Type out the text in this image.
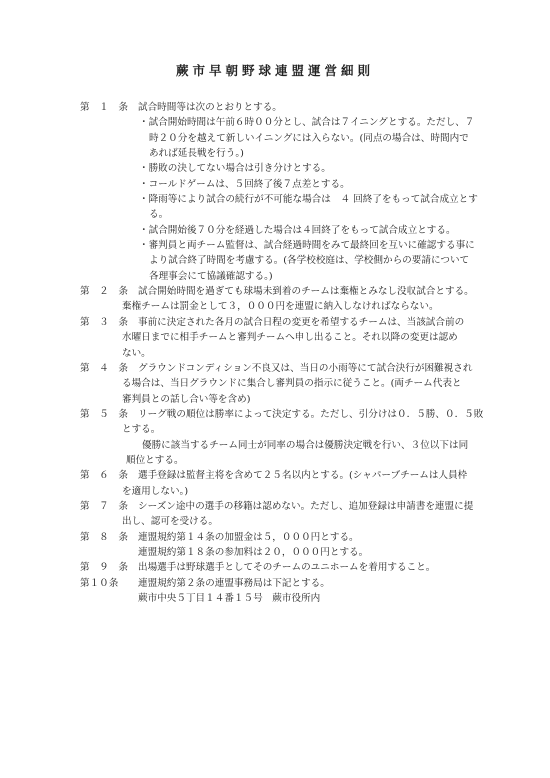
蕨市早朝野球連盟運営細則
第　１　条 試合時間等は次のとおりとする。
・試合開始時間は午前６時００分とし、試合は７イニングとする。ただし、７
時２０分を越えて新しいイニングには入らない。(同点の場合は、時間内で
あれば延長戦を行う。)
・勝敗の決してない場合は引き分けとする。
・コールドゲームは、５回終了後７点差とする。
・降雨等により試合の続行が不可能な場合は　４ 回終了をもって試合成立とす
る。
・試合開始後７０分を経過した場合は４回終了をもって試合成立とする。
・審判員と両チーム監督は、試合経過時間をみて最終回を互いに確認する事に
より試合終了時間を考慮する。(各学校校庭は、学校側からの要請について
各理事会にて協議確認する。)
第　２　条 試合開始時間を過ぎても球場未到着のチームは棄権とみなし没収試合とする。
棄権チームは罰金として３，０００円を連盟に納入しなければならない。
第　３　条 事前に決定された各月の試合日程の変更を希望するチームは、当該試合前の
水曜日までに相手チームと審判チームへ申し出ること。それ以降の変更は認め
ない。
第　４　条 グラウンドコンディション不良又は、当日の小雨等にて試合決行が困難視され
る場合は、当日グラウンドに集合し審判員の指示に従うこと。(両チーム代表と
審判員との話し合い等を含め)
第　５　条 リーグ戦の順位は勝率によって決定する。ただし、引分けは０．５勝、０．５敗
とする。
優勝に該当するチーム同士が同率の場合は優勝決定戦を行い、３位以下は同
順位とする。
第　６　条 選手登録は監督主将を含めて２５名以内とする。(シャパーブチームは人員枠
を適用しない。)
第　７　条 シーズン途中の選手の移籍は認めない。ただし、追加登録は申請書を連盟に提
出し、認可を受ける。
第　８　条 連盟規約第１４条の加盟金は５，０００円とする。
連盟規約第１８条の参加料は２０，０００円とする。
第　９　条 出場選手は野球選手としてそのチームのユニホームを着用すること。
第１０条	連盟規約第２条の連盟事務局は下記とする。
蕨市中央５丁目１４番１５号　蕨市役所内
